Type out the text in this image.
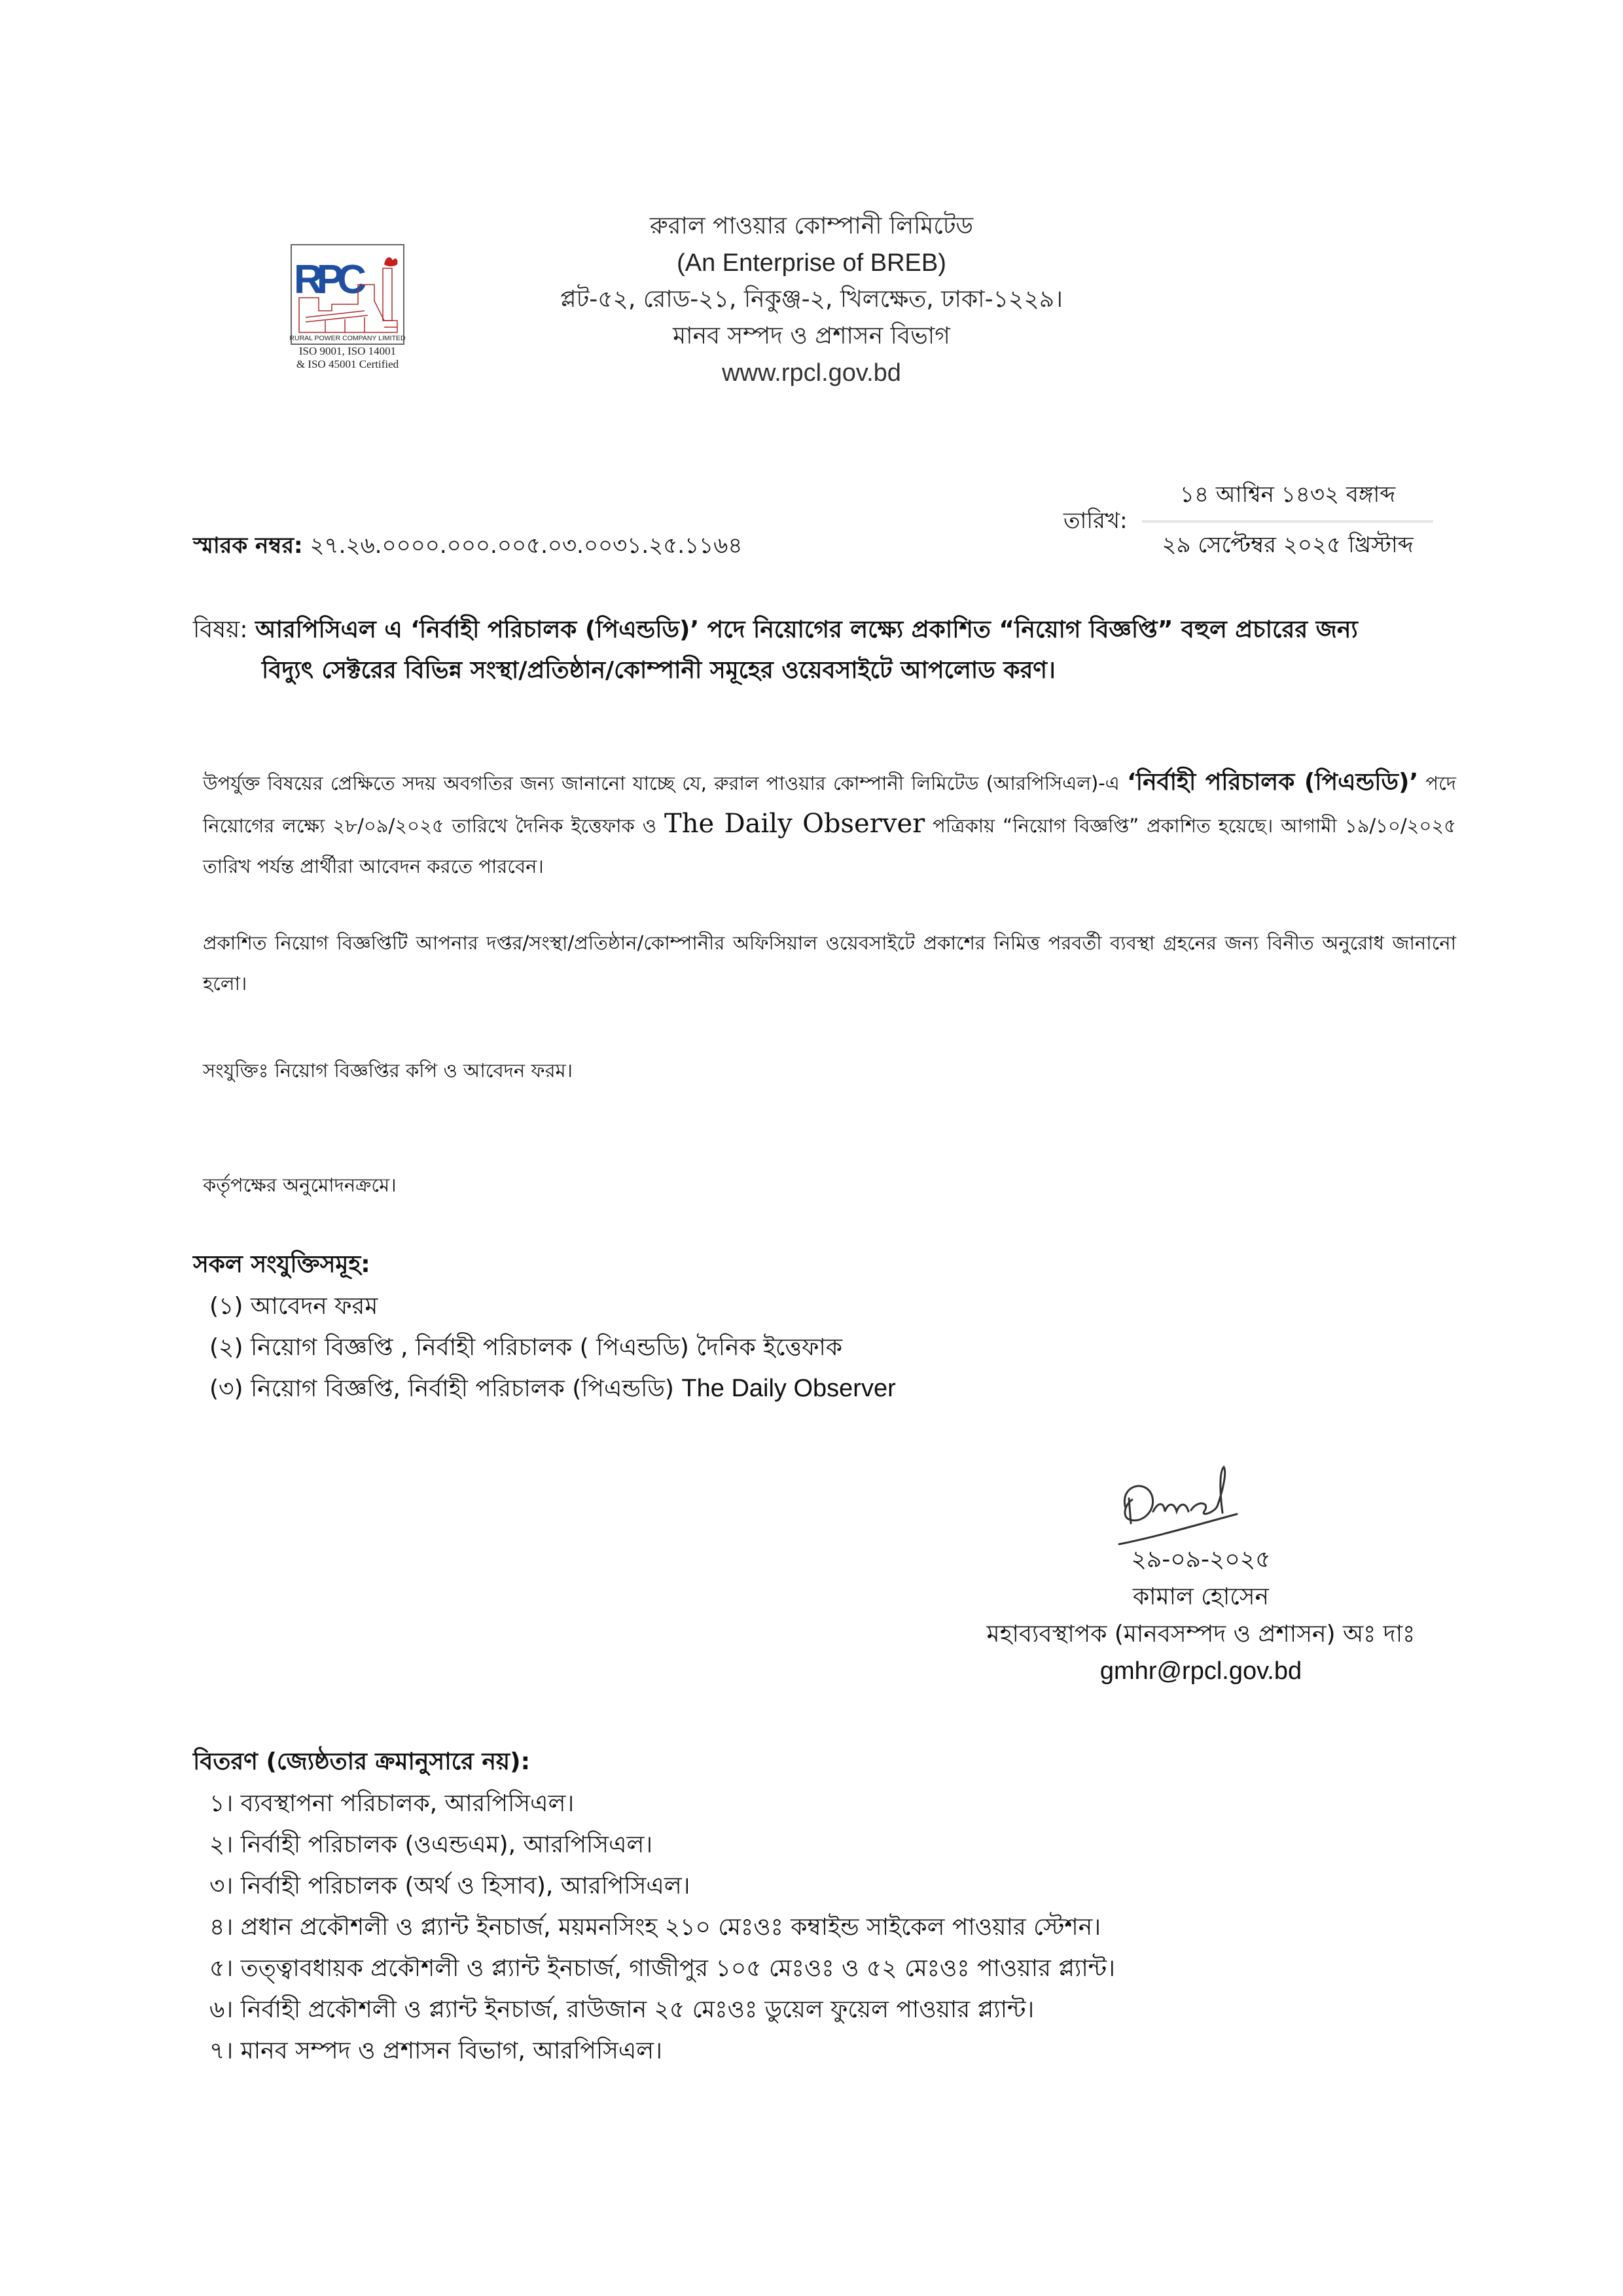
RPC
RURAL POWER COMPANY LIMITED
ISO 9001, ISO 14001
& ISO 45001 Certified
রুরাল পাওয়ার কোম্পানী লিমিটেড
(An Enterprise of BREB)
প্লট-৫২, রোড-২১, নিকুঞ্জ-২, খিলক্ষেত, ঢাকা-১২২৯।
মানব সম্পদ ও প্রশাসন বিভাগ
www.rpcl.gov.bd
স্মারক নম্বর: ২৭.২৬.০০০০.০০০.০০৫.০৩.০০৩১.২৫.১১৬৪
তারিখ:
১৪ আশ্বিন ১৪৩২ বঙ্গাব্দ
২৯ সেপ্টেম্বর ২০২৫ খ্রিস্টাব্দ
বিষয়: আরপিসিএল এ ‘নির্বাহী পরিচালক (পিএন্ডডি)’ পদে নিয়োগের লক্ষ্যে প্রকাশিত “নিয়োগ বিজ্ঞপ্তি” বহুল প্রচারের জন্য
বিদ্যুৎ সেক্টরের বিভিন্ন সংস্থা/প্রতিষ্ঠান/কোম্পানী সমূহের ওয়েবসাইটে আপলোড করণ।
উপর্যুক্ত বিষয়ের প্রেক্ষিতে সদয় অবগতির জন্য জানানো যাচ্ছে যে, রুরাল পাওয়ার কোম্পানী লিমিটেড (আরপিসিএল)-এ ‘নির্বাহী পরিচালক (পিএন্ডডি)’ পদে নিয়োগের লক্ষ্যে ২৮/০৯/২০২৫ তারিখে দৈনিক ইত্তেফাক ও The Daily Observer পত্রিকায় “নিয়োগ বিজ্ঞপ্তি” প্রকাশিত হয়েছে। আগামী ১৯/১০/২০২৫ তারিখ পর্যন্ত প্রার্থীরা আবেদন করতে পারবেন।
প্রকাশিত নিয়োগ বিজ্ঞপ্তিটি আপনার দপ্তর/সংস্থা/প্রতিষ্ঠান/কোম্পানীর অফিসিয়াল ওয়েবসাইটে প্রকাশের নিমিত্ত পরবর্তী ব্যবস্থা গ্রহনের জন্য বিনীত অনুরোধ জানানো হলো।
সংযুক্তিঃ নিয়োগ বিজ্ঞপ্তির কপি ও আবেদন ফরম।
কর্তৃপক্ষের অনুমোদনক্রমে।
সকল সংযুক্তিসমূহ:
(১) আবেদন ফরম
(২) নিয়োগ বিজ্ঞপ্তি , নির্বাহী পরিচালক ( পিএন্ডডি) দৈনিক ইত্তেফাক
(৩) নিয়োগ বিজ্ঞপ্তি, নির্বাহী পরিচালক (পিএন্ডডি) The Daily Observer
২৯-০৯-২০২৫
কামাল হোসেন
মহাব্যবস্থাপক (মানবসম্পদ ও প্রশাসন) অঃ দাঃ
gmhr@rpcl.gov.bd
বিতরণ (জ্যেষ্ঠতার ক্রমানুসারে নয়):
১। ব্যবস্থাপনা পরিচালক, আরপিসিএল।
২। নির্বাহী পরিচালক (ওএন্ডএম), আরপিসিএল।
৩। নির্বাহী পরিচালক (অর্থ ও হিসাব), আরপিসিএল।
৪। প্রধান প্রকৌশলী ও প্ল্যান্ট ইনচার্জ, ময়মনসিংহ ২১০ মেঃওঃ কম্বাইন্ড সাইকেল পাওয়ার স্টেশন।
৫। তত্ত্বাবধায়ক প্রকৌশলী ও প্ল্যান্ট ইনচার্জ, গাজীপুর ১০৫ মেঃওঃ ও ৫২ মেঃওঃ পাওয়ার প্ল্যান্ট।
৬। নির্বাহী প্রকৌশলী ও প্ল্যান্ট ইনচার্জ, রাউজান ২৫ মেঃওঃ ডুয়েল ফুয়েল পাওয়ার প্ল্যান্ট।
৭। মানব সম্পদ ও প্রশাসন বিভাগ, আরপিসিএল।
